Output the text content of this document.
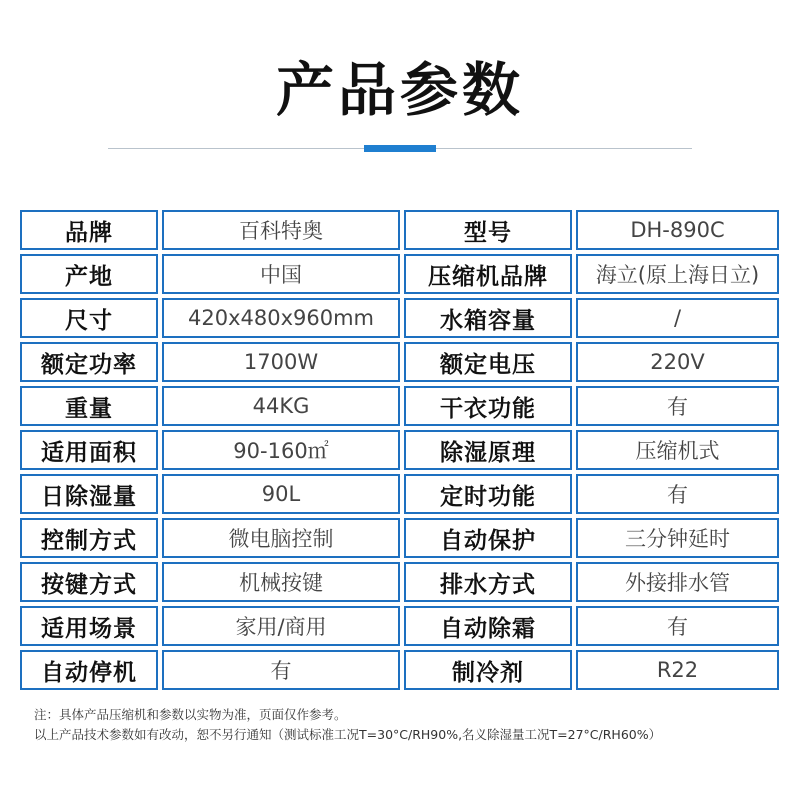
产品参数
品牌	百科特奥	型号	DH-890C
产地	中国	压缩机品牌	海立(原上海日立)
尺寸	420x480x960mm	水箱容量	/
额定功率	1700W	额定电压	220V
重量	44KG	干衣功能	有
适用面积	90-160㎡	除湿原理	压缩机式
日除湿量	90L	定时功能	有
控制方式	微电脑控制	自动保护	三分钟延时
按键方式	机械按键	排水方式	外接排水管
适用场景	家用/商用	自动除霜	有
自动停机	有	制冷剂	R22
注：具体产品压缩机和参数以实物为准，页面仅作参考。
以上产品技术参数如有改动，恕不另行通知（测试标准工况T=30°C/RH90%,名义除湿量工况T=27°C/RH60%）
